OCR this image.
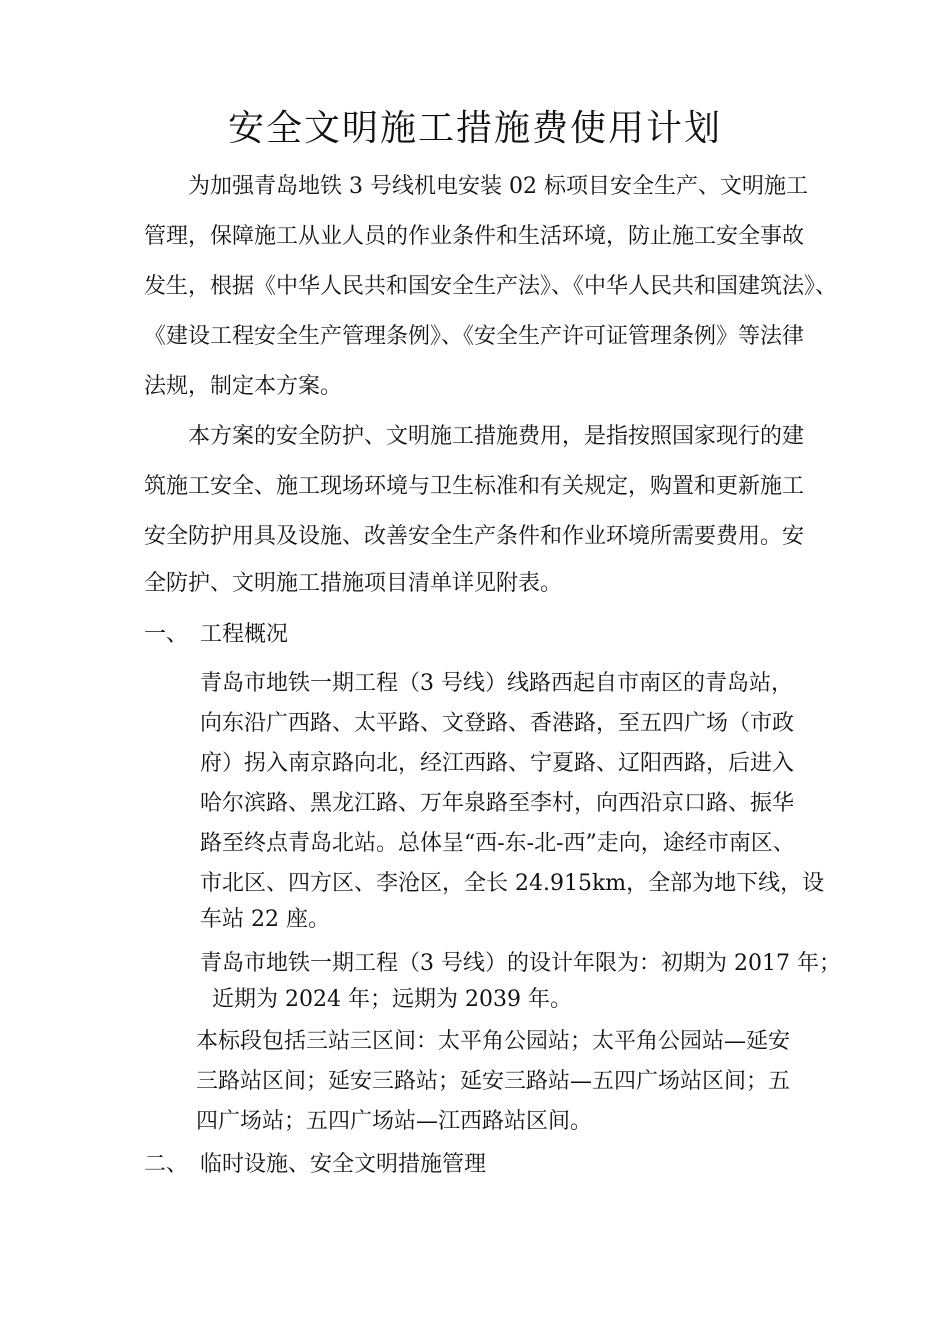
安全文明施工措施费使用计划
为加强青岛地铁 3 号线机电安装 02 标项目安全生产、文明施工
管理，保障施工从业人员的作业条件和生活环境，防止施工安全事故
发生，根据《中华人民共和国安全生产法》、《中华人民共和国建筑法》、
《建设工程安全生产管理条例》、《安全生产许可证管理条例》等法律
法规，制定本方案。
本方案的安全防护、文明施工措施费用，是指按照国家现行的建
筑施工安全、施工现场环境与卫生标准和有关规定，购置和更新施工
安全防护用具及设施、改善安全生产条件和作业环境所需要费用。安
全防护、文明施工措施项目清单详见附表。
一、 工程概况
青岛市地铁一期工程（3 号线）线路西起自市南区的青岛站，
向东沿广西路、太平路、文登路、香港路，至五四广场（市政
府）拐入南京路向北，经江西路、宁夏路、辽阳西路，后进入
哈尔滨路、黑龙江路、万年泉路至李村，向西沿京口路、振华
路至终点青岛北站。总体呈“西-东-北-西”走向，途经市南区、
市北区、四方区、李沧区，全长 24.915km，全部为地下线，设
车站 22 座。
青岛市地铁一期工程（3 号线）的设计年限为：初期为 2017 年；
近期为 2024 年；远期为 2039 年。
本标段包括三站三区间：太平角公园站；太平角公园站—延安
三路站区间；延安三路站；延安三路站—五四广场站区间；五
四广场站；五四广场站—江西路站区间。
二、 临时设施、安全文明措施管理
